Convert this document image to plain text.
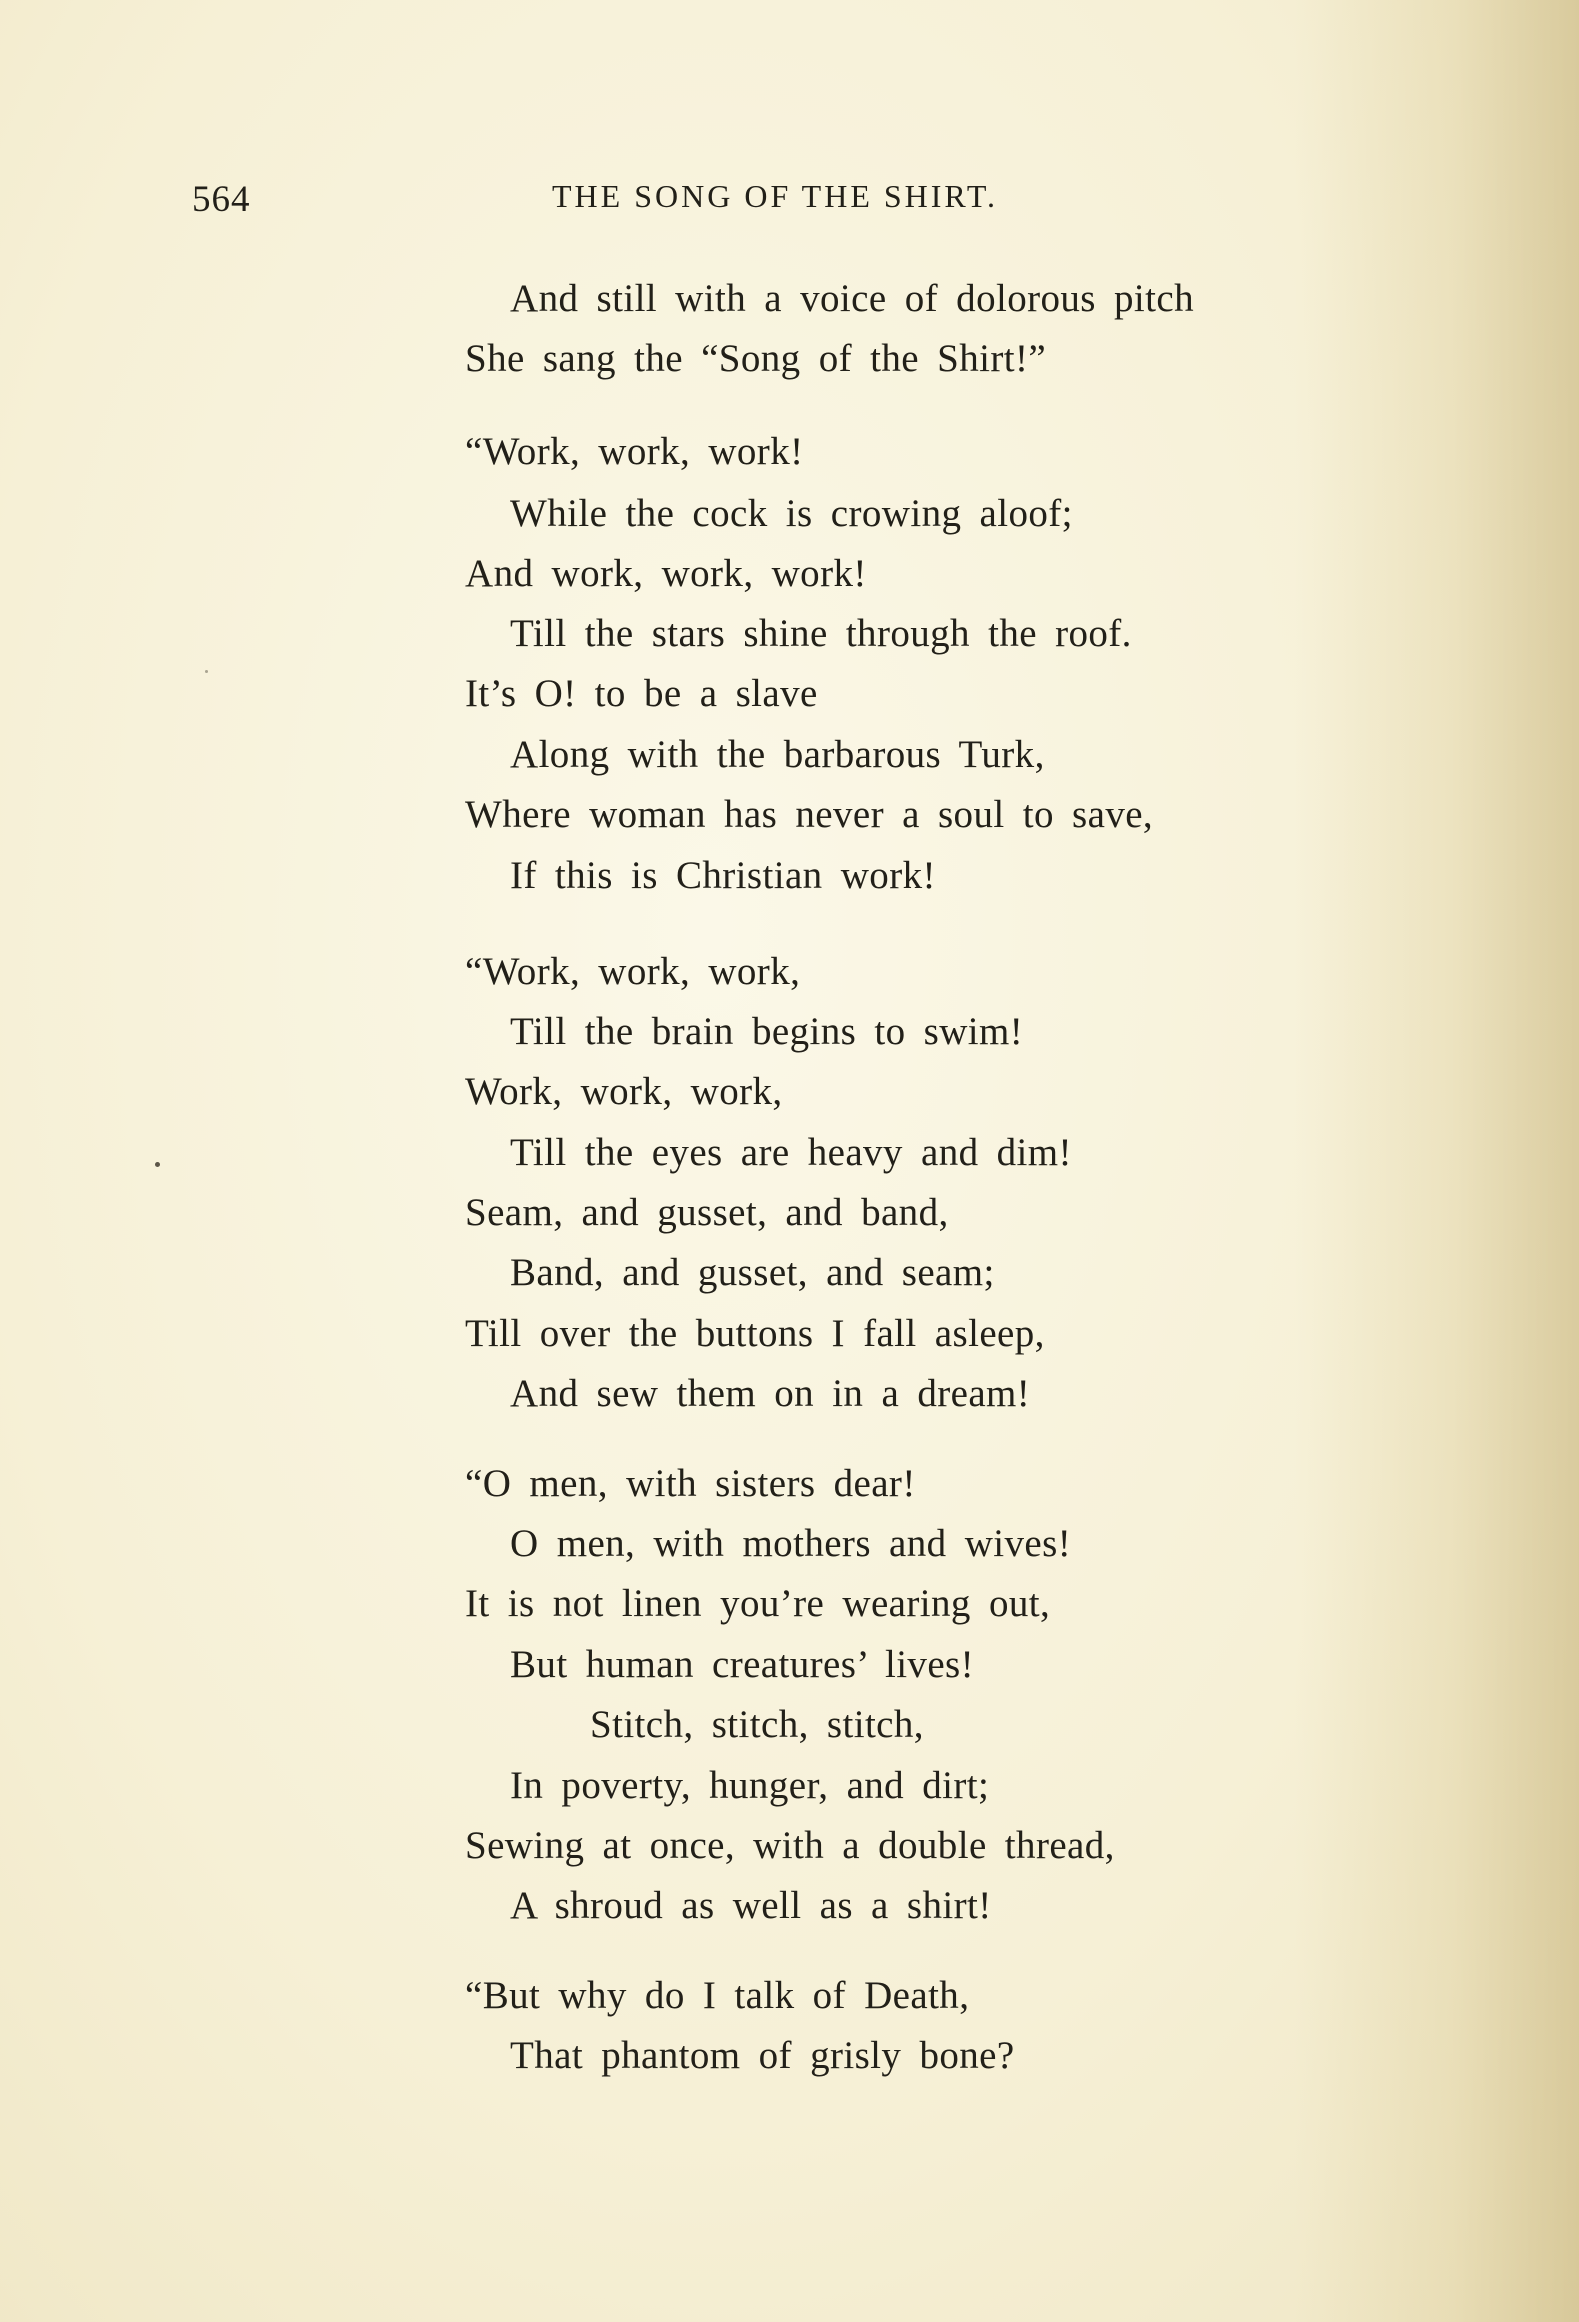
564	THE SONG OF THE SHIRT.
And still with a voice of dolorous pitch
She sang the “Song of the Shirt!”
“Work, work, work!
While the cock is crowing aloof;
And work, work, work!
Till the stars shine through the roof.
It’s O! to be a slave
Along with the barbarous Turk,
Where woman has never a soul to save,
If this is Christian work!
“Work, work, work,
Till the brain begins to swim!
Work, work, work,
Till the eyes are heavy and dim!
Seam, and gusset, and band,
Band, and gusset, and seam;
Till over the buttons I fall asleep,
And sew them on in a dream!
“O men, with sisters dear!
O men, with mothers and wives!
It is not linen you’re wearing out,
But human creatures’ lives!
Stitch, stitch, stitch,
In poverty, hunger, and dirt;
Sewing at once, with a double thread,
A shroud as well as a shirt!
“But why do I talk of Death,
That phantom of grisly bone?
